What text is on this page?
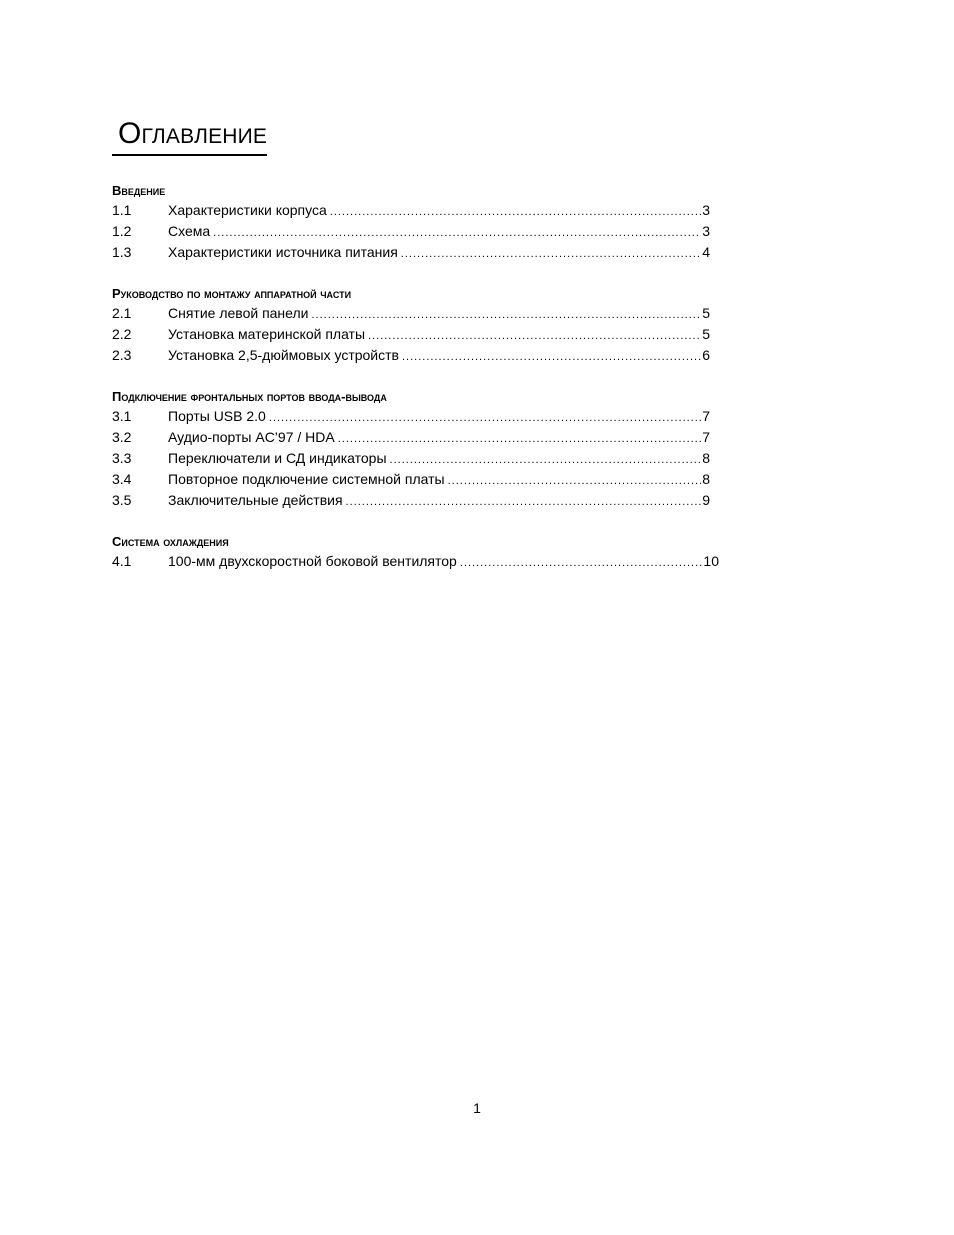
Оглавление
Введение
1.1	Характеристики корпуса .....	3
1.2	Схема .....	3
1.3	Характеристики источника питания .....	4
Руководство по монтажу аппаратной части
2.1	Снятие левой панели .....	5
2.2	Установка материнской платы .....	5
2.3	Установка 2,5-дюймовых устройств .....	6
Подключение фронтальных портов ввода-вывода
3.1	Порты USB 2.0 .....	7
3.2	Аудио-порты AC’97 / HDA .....	7
3.3	Переключатели и СД индикаторы .....	8
3.4	Повторное подключение системной платы .....	8
3.5	Заключительные действия .....	9
Система охлаждения
4.1	100-мм двухскоростной боковой вентилятор .....	10
1
